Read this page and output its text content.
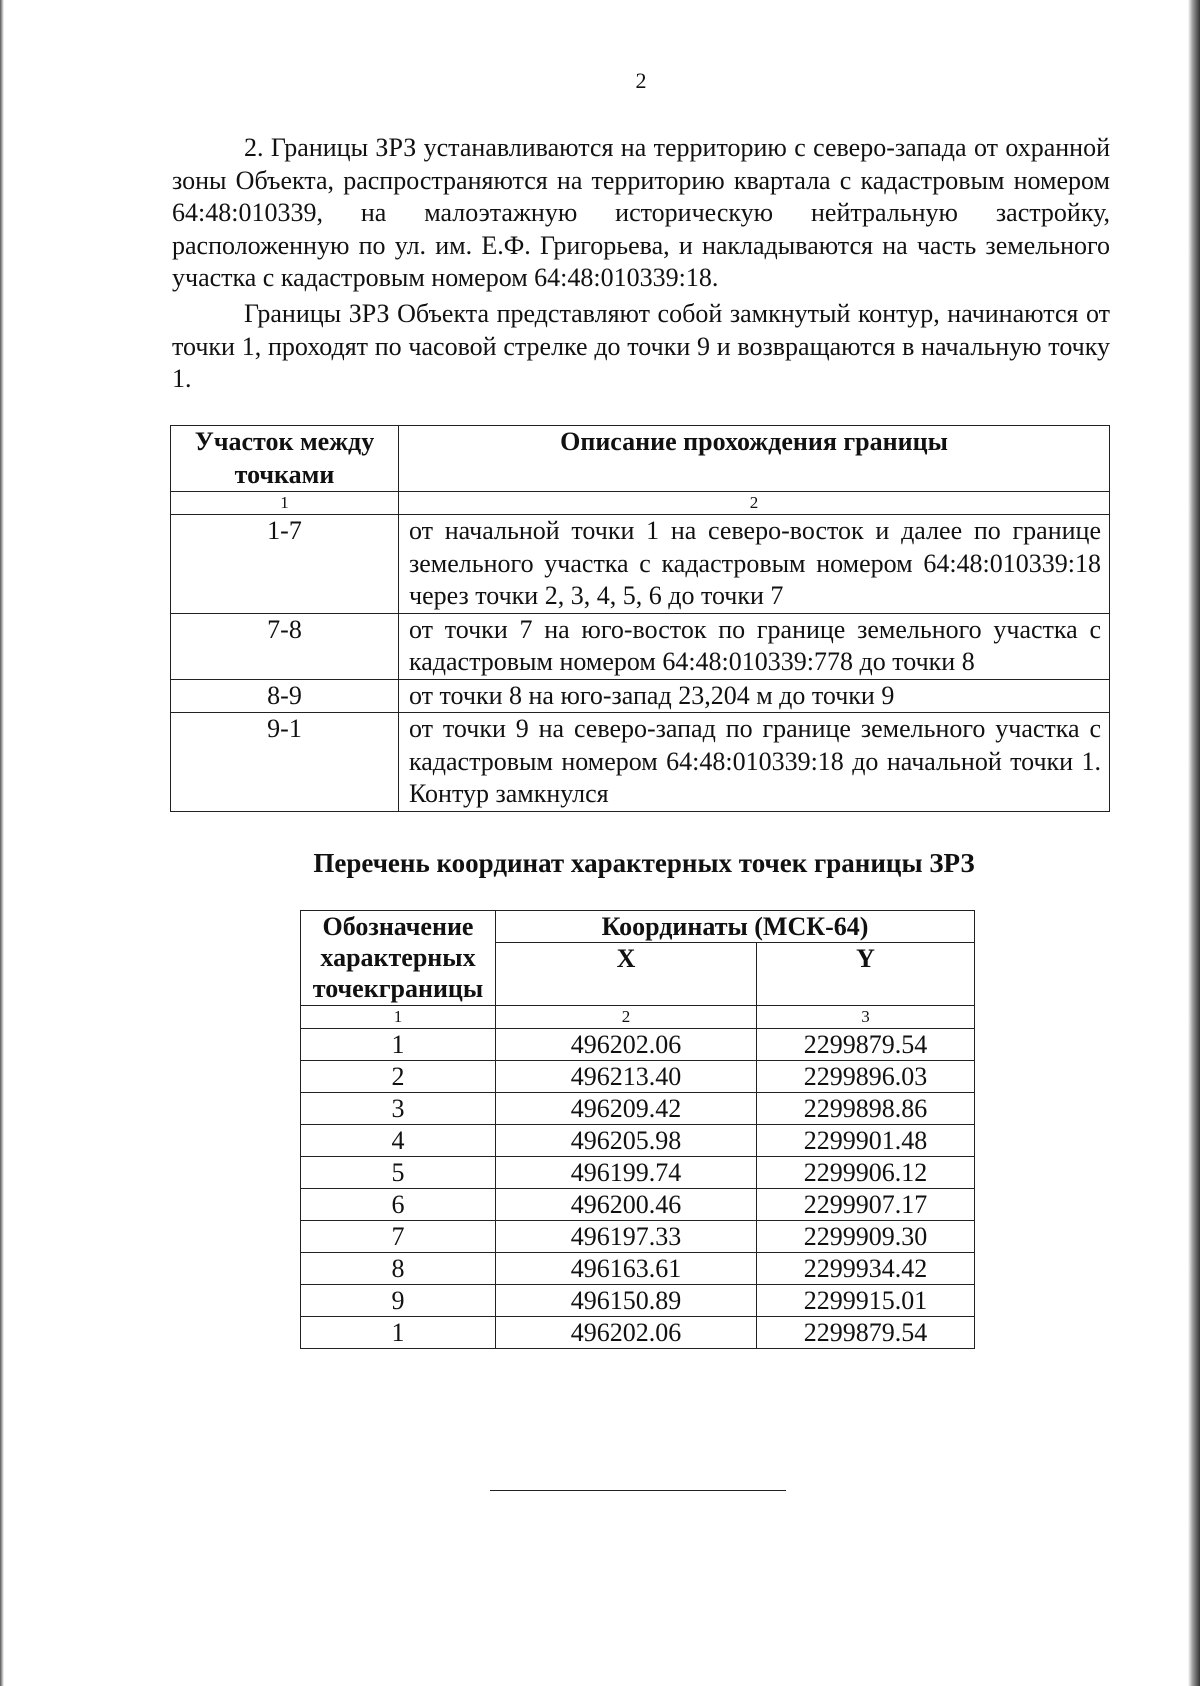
2
2. Границы ЗРЗ устанавливаются на территорию с северо-запада от охранной зоны Объекта, распространяются на территорию квартала с кадастровым номером 64:48:010339, на малоэтажную историческую нейтральную застройку, расположенную по ул. им. Е.Ф. Григорьева, и накладываются на часть земельного участка с кадастровым номером 64:48:010339:18.
Границы ЗРЗ Объекта представляют собой замкнутый контур, начинаются от точки 1, проходят по часовой стрелке до точки 9 и возвращаются в начальную точку 1.
Участок между точками	Описание прохождения границы
1	2
1-7	от начальной точки 1 на северо-восток и далее по границе земельного участка с кадастровым номером 64:48:010339:18 через точки 2, 3, 4, 5, 6 до точки 7
7-8	от точки 7 на юго-восток по границе земельного участка с кадастровым номером 64:48:010339:778 до точки 8
8-9	от точки 8 на юго-запад 23,204 м до точки 9
9-1	от точки 9 на северо-запад по границе земельного участка с кадастровым номером 64:48:010339:18 до начальной точки 1. Контур замкнулся
Перечень координат характерных точек границы ЗРЗ
Обозначение характерных точекграницы	Координаты (МСК-64)	
	X	Y
1	2	3
1	496202.06	2299879.54
2	496213.40	2299896.03
3	496209.42	2299898.86
4	496205.98	2299901.48
5	496199.74	2299906.12
6	496200.46	2299907.17
7	496197.33	2299909.30
8	496163.61	2299934.42
9	496150.89	2299915.01
1	496202.06	2299879.54
